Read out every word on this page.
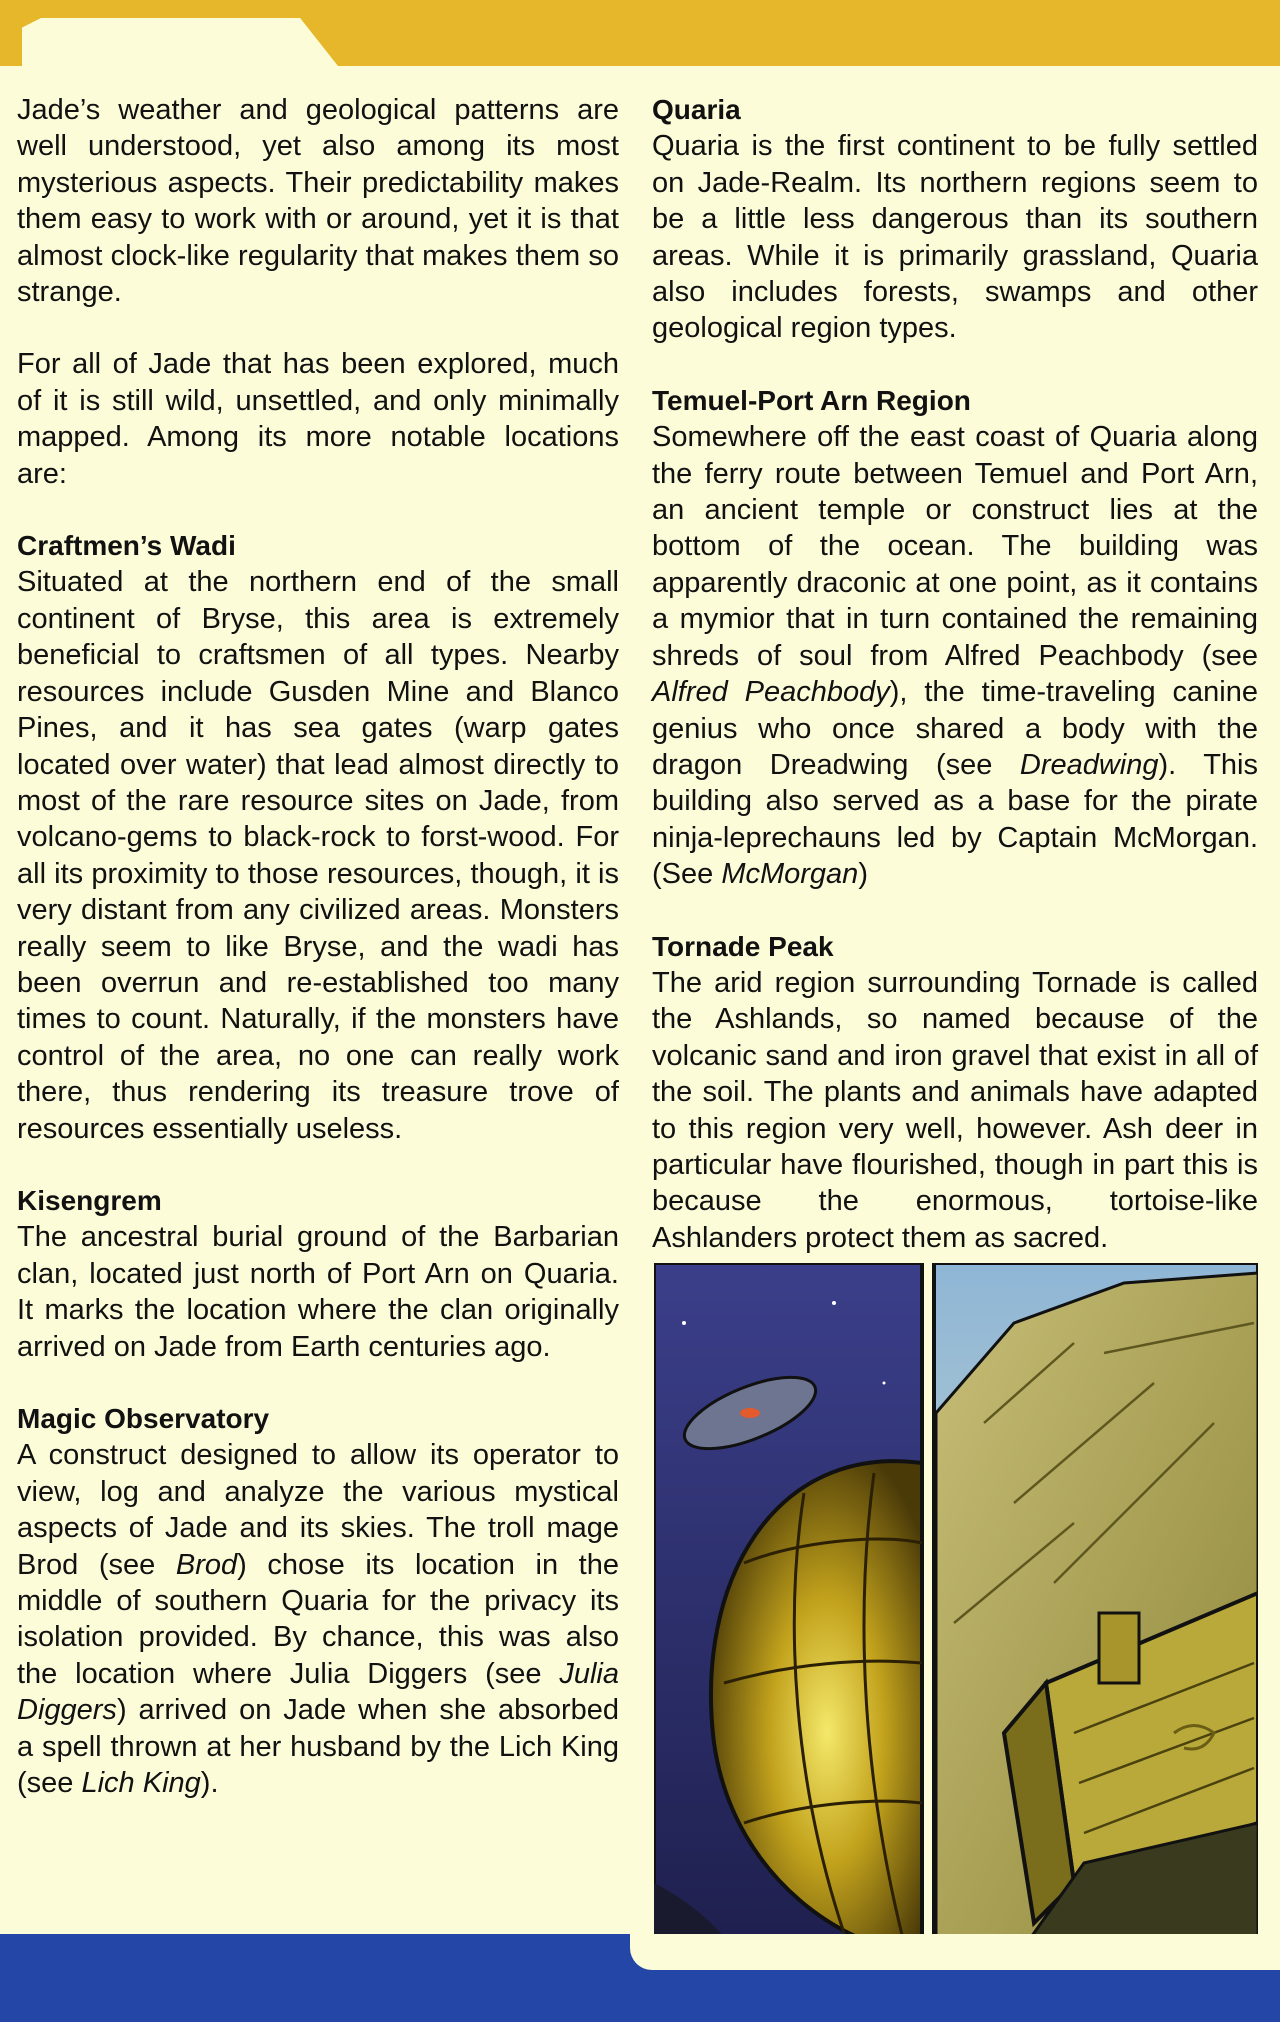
Jade’s weather and geological patterns are well understood, yet also among its most mysterious aspects. Their predictability makes them easy to work with or around, yet it is that almost clock-like regularity that makes them so strange.

For all of Jade that has been explored, much of it is still wild, unsettled, and only minimally mapped. Among its more notable locations are:

Craftmen’s Wadi

Situated at the northern end of the small continent of Bryse, this area is extremely beneficial to craftsmen of all types. Nearby resources include Gusden Mine and Blanco Pines, and it has sea gates (warp gates located over water) that lead almost directly to most of the rare resource sites on Jade, from volcano-gems to black-rock to forst-wood. For all its proximity to those resources, though, it is very distant from any civilized areas. Monsters really seem to like Bryse, and the wadi has been overrun and re-established too many times to count. Naturally, if the monsters have control of the area, no one can really work there, thus rendering its treasure trove of resources essentially useless.

Kisengrem

The ancestral burial ground of the Barbarian clan, located just north of Port Arn on Quaria. It marks the location where the clan originally arrived on Jade from Earth centuries ago.

Magic Observatory

A construct designed to allow its operator to view, log and analyze the various mystical aspects of Jade and its skies. The troll mage Brod (see Brod) chose its location in the middle of southern Quaria for the privacy its isolation provided. By chance, this was also the location where Julia Diggers (see Julia Diggers) arrived on Jade when she absorbed a spell thrown at her husband by the Lich King (see Lich King).

Quaria

Quaria is the first continent to be fully settled on Jade-Realm. Its northern regions seem to be a little less dangerous than its southern areas. While it is primarily grassland, Quaria also includes forests, swamps and other geological region types.

Temuel-Port Arn Region

Somewhere off the east coast of Quaria along the ferry route between Temuel and Port Arn, an ancient temple or construct lies at the bottom of the ocean. The building was apparently draconic at one point, as it contains a mymior that in turn contained the remaining shreds of soul from Alfred Peachbody (see Alfred Peachbody), the time-traveling canine genius who once shared a body with the dragon Dreadwing (see Dreadwing). This building also served as a base for the pirate ninja-leprechauns led by Captain McMorgan. (See McMorgan)

Tornade Peak

The arid region surrounding Tornade is called the Ashlands, so named because of the volcanic sand and iron gravel that exist in all of the soil. The plants and animals have adapted to this region very well, however. Ash deer in particular have flourished, though in part this is because the enormous, tortoise-like Ashlanders protect them as sacred.
